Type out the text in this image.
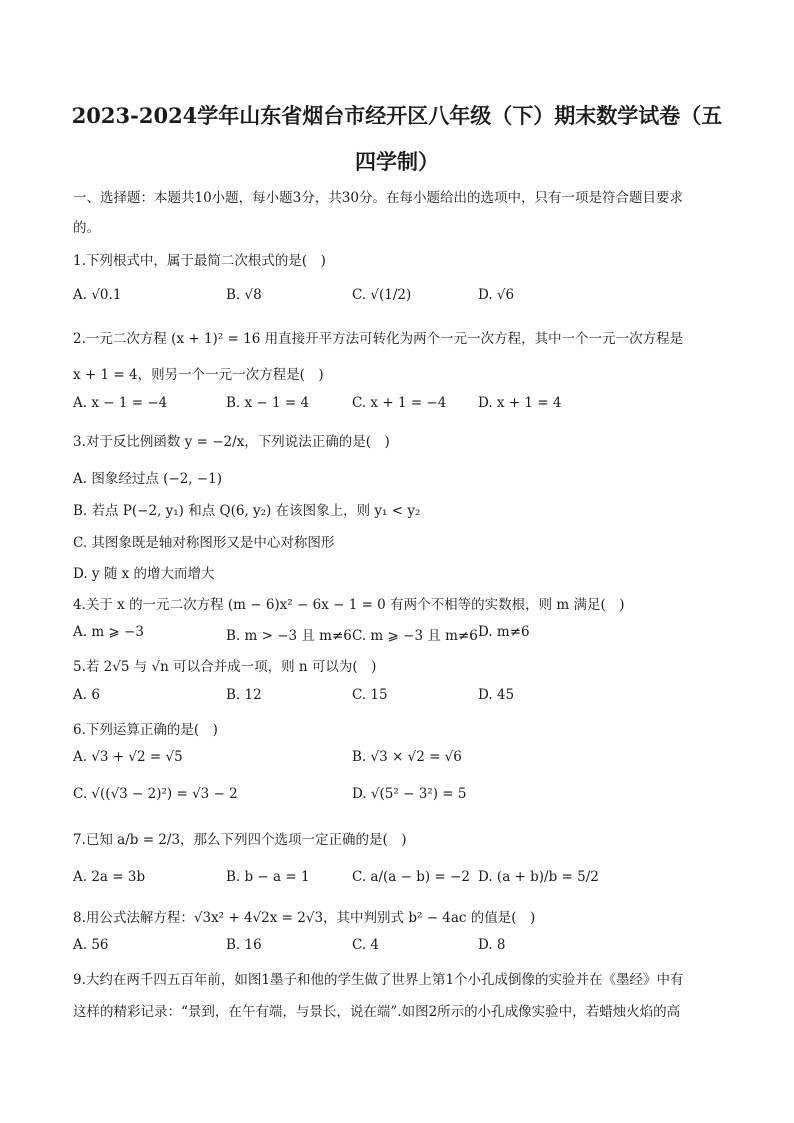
2023-2024学年山东省烟台市经开区八年级（下）期末数学试卷（五
四学制）
一、选择题：本题共10小题，每小题3分，共30分。在每小题给出的选项中，只有一项是符合题目要求
的。
1.下列根式中，属于最简二次根式的是(　)
A. √0.1	B. √8	C. √(1/2)	D. √6
2.一元二次方程 (x + 1)² = 16 用直接开平方法可转化为两个一元一次方程，其中一个一元一次方程是
x + 1 = 4，则另一个一元一次方程是(　)
A. x − 1 = −4	B. x − 1 = 4	C. x + 1 = −4 D. x + 1 = 4
3.对于反比例函数 y = −2/x，下列说法正确的是(　)
A. 图象经过点 (−2, −1)
B. 若点 P(−2, y₁) 和点 Q(6, y₂) 在该图象上，则 y₁ < y₂
C. 其图象既是轴对称图形又是中心对称图形
D. y 随 x 的增大而增大
4.关于 x 的一元二次方程 (m − 6)x² − 6x − 1 = 0 有两个不相等的实数根，则 m 满足(　)
A. m ⩾ −3	B. m > −3 且 m≠6 C. m ⩾ −3 且 m≠6 D. m≠6
5.若 2√5 与 √n 可以合并成一项，则 n 可以为(　)
A. 6	B. 12	C. 15	D. 45
6.下列运算正确的是(　)
A. √3 + √2 = √5	B. √3 × √2 = √6
C. √((√3 − 2)²) = √3 − 2	D. √(5² − 3²) = 5
7.已知 a/b = 2/3，那么下列四个选项一定正确的是(　)
A. 2a = 3b	B. b − a = 1	C. a/(a − b) = −2 D. (a + b)/b = 5/2
8.用公式法解方程：√3x² + 4√2x = 2√3，其中判别式 b² − 4ac 的值是(　)
A. 56	B. 16	C. 4	D. 8
9.大约在两千四五百年前，如图1墨子和他的学生做了世界上第1个小孔成倒像的实验并在《墨经》中有
这样的精彩记录：“景到，在午有端，与景长，说在端”.如图2所示的小孔成像实验中，若蜡烛火焰的高
